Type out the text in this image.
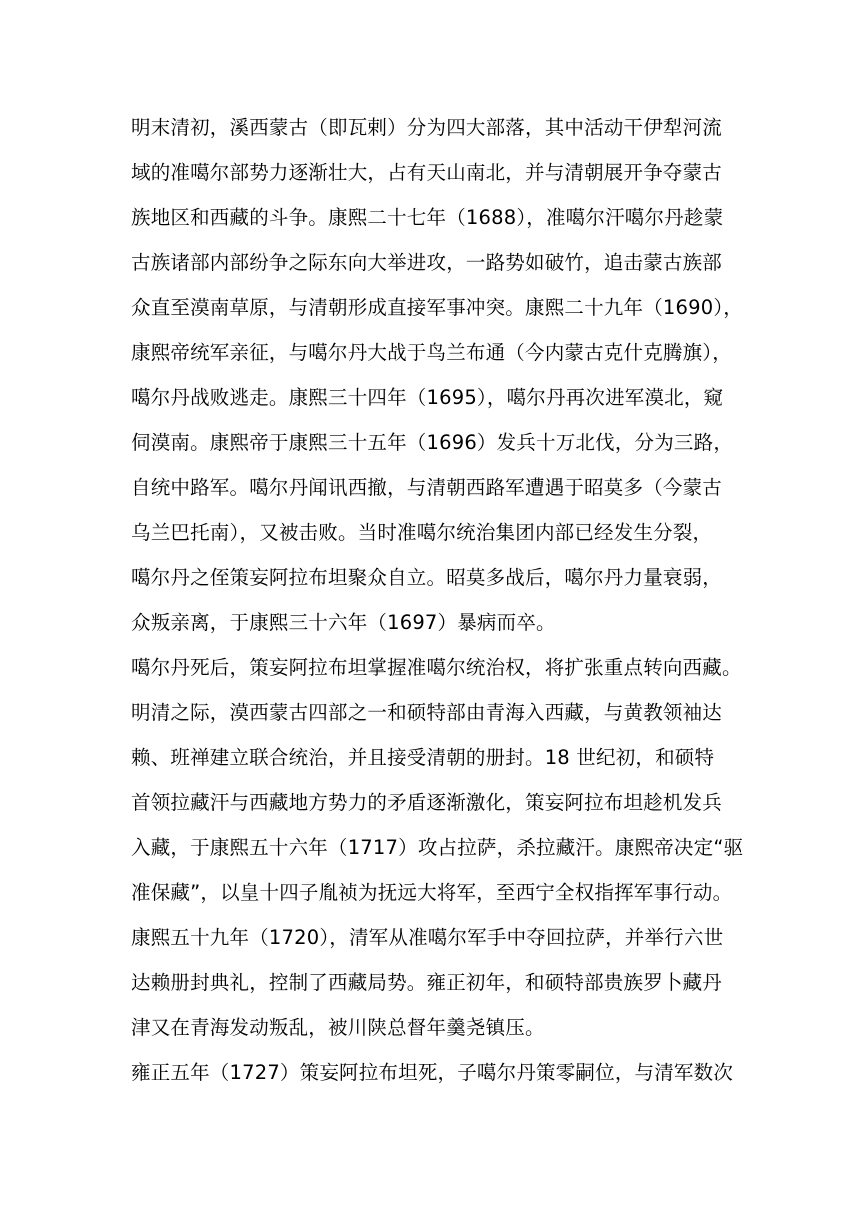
明末清初，溪西蒙古（即瓦剌）分为四大部落，其中活动干伊犁河流
域的准噶尔部势力逐渐壮大，占有天山南北，并与清朝展开争夺蒙古
族地区和西藏的斗争。康熙二十七年（1688），准噶尔汗噶尔丹趁蒙
古族诸部内部纷争之际东向大举进攻，一路势如破竹，追击蒙古族部
众直至漠南草原，与清朝形成直接军事冲突。康熙二十九年（1690），
康熙帝统军亲征，与噶尔丹大战于鸟兰布通（今内蒙古克什克腾旗），
噶尔丹战败逃走。康熙三十四年（1695），噶尔丹再次进军漠北，窥
伺漠南。康熙帝于康熙三十五年（1696）发兵十万北伐，分为三路，
自统中路军。噶尔丹闻讯西撤，与清朝西路军遭遇于昭莫多（今蒙古
乌兰巴托南），又被击败。当时准噶尔统治集团内部已经发生分裂，
噶尔丹之侄策妄阿拉布坦聚众自立。昭莫多战后，噶尔丹力量衰弱，
众叛亲离，于康熙三十六年（1697）暴病而卒。
噶尔丹死后，策妄阿拉布坦掌握准噶尔统治权，将扩张重点转向西藏。
明清之际，漠西蒙古四部之一和硕特部由青海入西藏，与黄教领袖达
赖、班禅建立联合统治，并且接受清朝的册封。18 世纪初，和硕特
首领拉藏汗与西藏地方势力的矛盾逐渐激化，策妄阿拉布坦趁机发兵
入藏，于康熙五十六年（1717）攻占拉萨，杀拉藏汗。康熙帝决定“驱
准保藏”，以皇十四子胤祯为抚远大将军，至西宁全权指挥军事行动。
康熙五十九年（1720），清军从准噶尔军手中夺回拉萨，并举行六世
达赖册封典礼，控制了西藏局势。雍正初年，和硕特部贵族罗卜藏丹
津又在青海发动叛乱，被川陕总督年羹尧镇压。
雍正五年（1727）策妄阿拉布坦死，子噶尔丹策零嗣位，与清军数次
